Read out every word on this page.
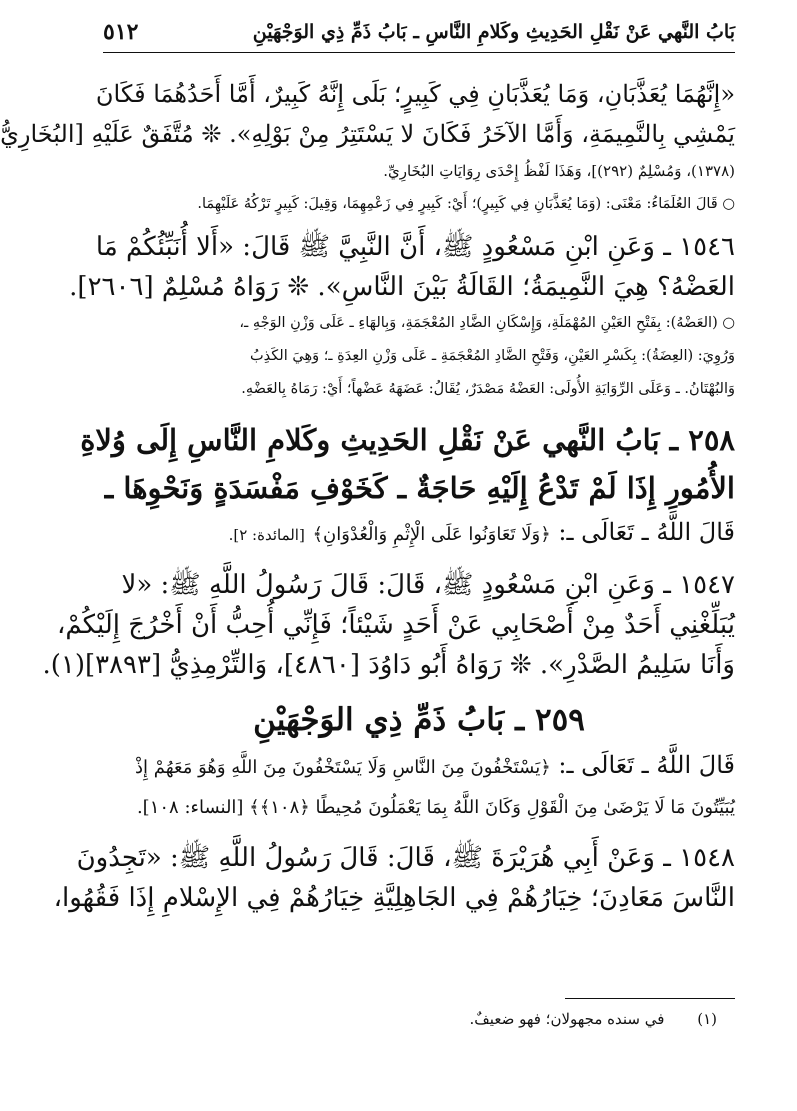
بَابُ النَّهي عَنْ نَقْلِ الحَدِيثِ وكَلامِ النَّاسِ ـ بَابُ ذَمِّ ذِي الوَجْهَيْنِ
٥١٢
«إِنَّهُمَا يُعَذَّبَانِ، وَمَا يُعَذَّبَانِ فِي كَبِيرٍ؛ بَلَى إِنَّهُ كَبِيرٌ، أَمَّا أَحَدُهُمَا فَكَانَ
يَمْشِي بِالنَّمِيمَةِ، وَأَمَّا الآخَرُ فَكَانَ لا يَسْتَتِرُ مِنْ بَوْلِهِ». ❊ مُتَّفَقٌ عَلَيْهِ [البُخَارِيُّ
(١٣٧٨)، وَمُسْلِمٌ (٢٩٢)]، وَهَذَا لَفْظُ إِحْدَى رِوَايَاتِ البُخَارِيِّ.
○ قَالَ العُلَمَاءُ: مَعْنَى: (وَمَا يُعَذَّبَانِ فِي كَبِيرٍ)؛ أَيْ: كَبِيرٍ فِي زَعْمِهِمَا، وَقِيلَ: كَبِيرٍ تَرْكُهُ عَلَيْهِمَا.
١٥٤٦ ـ وَعَنِ ابْنِ مَسْعُودٍ ﷺ، أَنَّ النَّبِيَّ ﷺ قَالَ: «أَلا أُنَبِّئُكُمْ مَا
العَضْهُ؟ هِيَ النَّمِيمَةُ؛ القَالَةُ بَيْنَ النَّاسِ». ❊ رَوَاهُ مُسْلِمٌ [٢٦٠٦].
○ (العَضْهُ): بِفَتْحِ العَيْنِ المُهْمَلَةِ، وَإِسْكَانِ الضَّادِ المُعْجَمَةِ، وَبِالهَاءِ ـ عَلَى وَزْنِ الوَجْهِ ـ،
وَرُوِيَ: (العِضَةُ): بِكَسْرِ العَيْنِ، وَفَتْحِ الضَّادِ المُعْجَمَةِ ـ عَلَى وَزْنِ العِدَةِ ـ؛ وَهِيَ الكَذِبُ
وَالبُهْتَانُ. ـ وَعَلَى الرِّوَايَةِ الأُولَى: العَضْهُ مَصْدَرٌ، يُقَالُ: عَضَهَهُ عَضْهاً؛ أَيْ: رَمَاهُ بِالعَضْهِ.
٢٥٨ ـ بَابُ النَّهي عَنْ نَقْلِ الحَدِيثِ وكَلامِ النَّاسِ إِلَى وُلاةِ
الأُمُورِ إِذَا لَمْ تَدْعُ إِلَيْهِ حَاجَةٌ ـ كَخَوْفِ مَفْسَدَةٍ وَنَحْوِهَا ـ
قَالَ اللَّهُ ـ تَعَالَى ـ: ﴿وَلَا تَعَاوَنُوا عَلَى الْإِثْمِ وَالْعُدْوَانِ﴾ [المائدة: ٢].
١٥٤٧ ـ وَعَنِ ابْنِ مَسْعُودٍ ﷺ، قَالَ: قَالَ رَسُولُ اللَّهِ ﷺ: «لا
يُبَلِّغْنِي أَحَدٌ مِنْ أَصْحَابِي عَنْ أَحَدٍ شَيْئاً؛ فَإِنِّي أُحِبُّ أَنْ أَخْرُجَ إِلَيْكُمْ،
وَأَنَا سَلِيمُ الصَّدْرِ». ❊ رَوَاهُ أَبُو دَاوُدَ [٤٨٦٠]، وَالتِّرْمِذِيُّ [٣٨٩٣](١).
٢٥٩ ـ بَابُ ذَمِّ ذِي الوَجْهَيْنِ
قَالَ اللَّهُ ـ تَعَالَى ـ: ﴿يَسْتَخْفُونَ مِنَ النَّاسِ وَلَا يَسْتَخْفُونَ مِنَ اللَّهِ وَهُوَ مَعَهُمْ إِذْ
يُبَيِّتُونَ مَا لَا يَرْضَىٰ مِنَ الْقَوْلِ وَكَانَ اللَّهُ بِمَا يَعْمَلُونَ مُحِيطًا ﴿١٠٨﴾﴾ [النساء: ١٠٨].
١٥٤٨ ـ وَعَنْ أَبِي هُرَيْرَةَ ﷺ، قَالَ: قَالَ رَسُولُ اللَّهِ ﷺ: «تَجِدُونَ
النَّاسَ مَعَادِنَ؛ خِيَارُهُمْ فِي الجَاهِلِيَّةِ خِيَارُهُمْ فِي الإِسْلامِ إِذَا فَقُهُوا،
(١) في سنده مجهولان؛ فهو ضعيفٌ.
